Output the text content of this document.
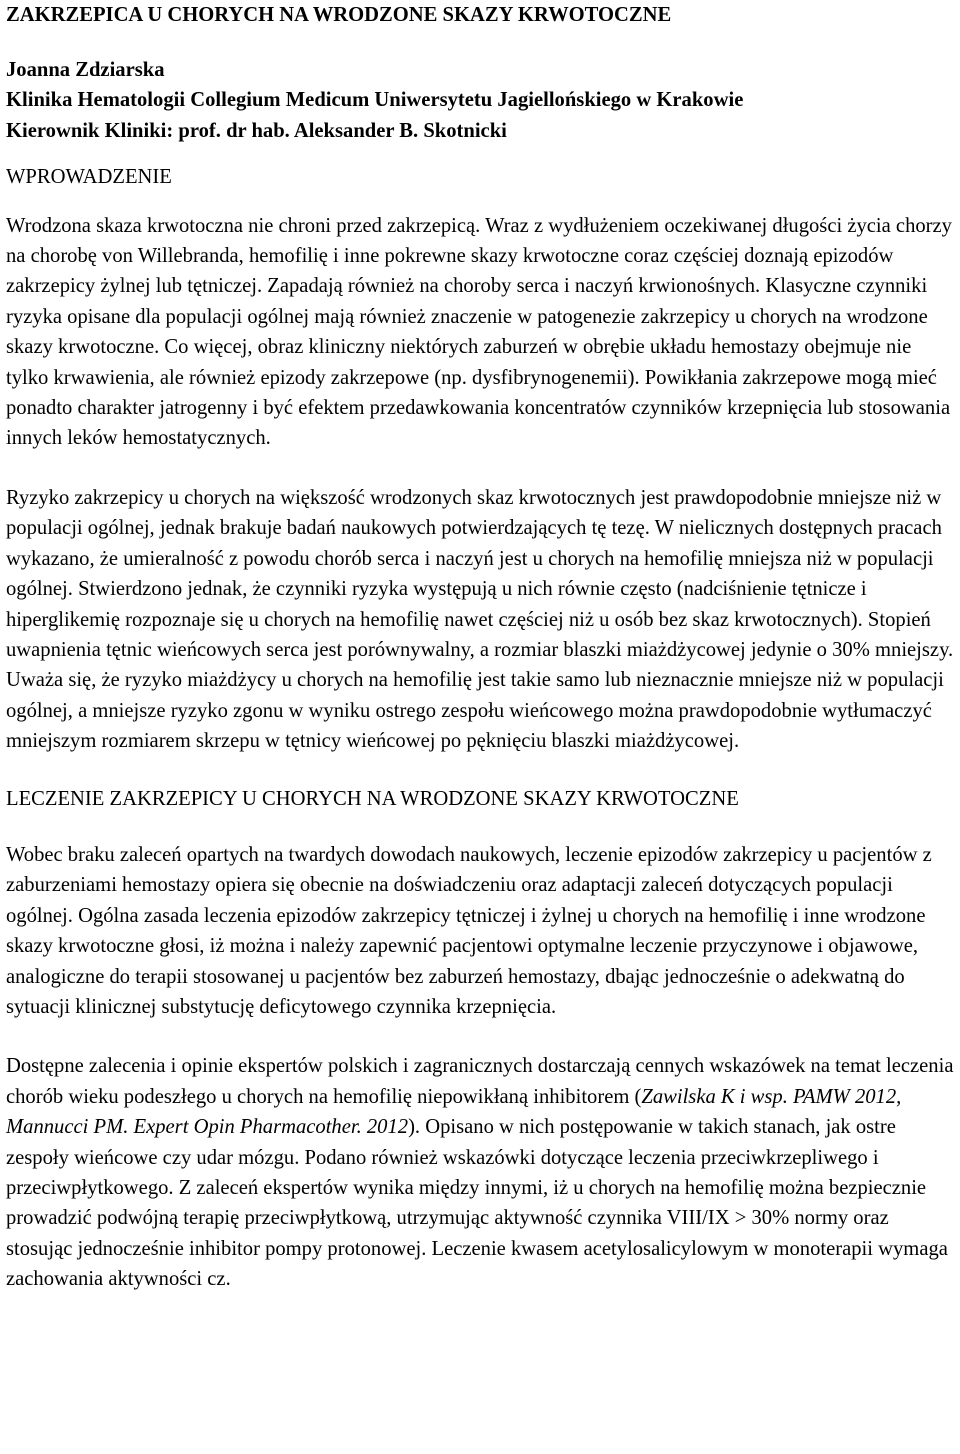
ZAKRZEPICA U CHORYCH NA WRODZONE SKAZY KRWOTOCZNE
Joanna Zdziarska
Klinika Hematologii Collegium Medicum Uniwersytetu Jagiellońskiego w Krakowie
Kierownik Kliniki: prof. dr hab. Aleksander B. Skotnicki
WPROWADZENIE

Wrodzona skaza krwotoczna nie chroni przed zakrzepicą. Wraz z wydłużeniem oczekiwanej długości życia chorzy na chorobę von Willebranda, hemofilię i inne pokrewne skazy krwotoczne coraz częściej doznają epizodów zakrzepicy żylnej lub tętniczej. Zapadają również na choroby serca i naczyń krwionośnych. Klasyczne czynniki ryzyka opisane dla populacji ogólnej mają również znaczenie w patogenezie zakrzepicy u chorych na wrodzone skazy krwotoczne. Co więcej, obraz kliniczny niektórych zaburzeń w obrębie układu hemostazy obejmuje nie tylko krwawienia, ale również epizody zakrzepowe (np. dysfibrynogenemii). Powikłania zakrzepowe mogą mieć ponadto charakter jatrogenny i być efektem przedawkowania koncentratów czynników krzepnięcia lub stosowania innych leków hemostatycznych.

Ryzyko zakrzepicy u chorych na większość wrodzonych skaz krwotocznych jest prawdopodobnie mniejsze niż w populacji ogólnej, jednak brakuje badań naukowych potwierdzających tę tezę. W nielicznych dostępnych pracach wykazano, że umieralność z powodu chorób serca i naczyń jest u chorych na hemofilię mniejsza niż w populacji ogólnej. Stwierdzono jednak, że czynniki ryzyka występują u nich równie często (nadciśnienie tętnicze i hiperglikemię rozpoznaje się u chorych na hemofilię nawet częściej niż u osób bez skaz krwotocznych). Stopień uwapnienia tętnic wieńcowych serca jest porównywalny, a rozmiar blaszki miażdżycowej jedynie o 30% mniejszy. Uważa się, że ryzyko miażdżycy u chorych na hemofilię jest takie samo lub nieznacznie mniejsze niż w populacji ogólnej, a mniejsze ryzyko zgonu w wyniku ostrego zespołu wieńcowego można prawdopodobnie wytłumaczyć mniejszym rozmiarem skrzepu w tętnicy wieńcowej po pęknięciu blaszki miażdżycowej.

LECZENIE ZAKRZEPICY U CHORYCH NA WRODZONE SKAZY KRWOTOCZNE

Wobec braku zaleceń opartych na twardych dowodach naukowych, leczenie epizodów zakrzepicy u pacjentów z zaburzeniami hemostazy opiera się obecnie na doświadczeniu oraz adaptacji zaleceń dotyczących populacji ogólnej. Ogólna zasada leczenia epizodów zakrzepicy tętniczej i żylnej u chorych na hemofilię i inne wrodzone skazy krwotoczne głosi, iż można i należy zapewnić pacjentowi optymalne leczenie przyczynowe i objawowe, analogiczne do terapii stosowanej u pacjentów bez zaburzeń hemostazy, dbając jednocześnie o adekwatną do sytuacji klinicznej substytucję deficytowego czynnika krzepnięcia.

Dostępne zalecenia i opinie ekspertów polskich i zagranicznych dostarczają cennych wskazówek na temat leczenia chorób wieku podeszłego u chorych na hemofilię niepowikłaną inhibitorem (Zawilska K i wsp. PAMW 2012, Mannucci PM. Expert Opin Pharmacother. 2012). Opisano w nich postępowanie w takich stanach, jak ostre zespoły wieńcowe czy udar mózgu. Podano również wskazówki dotyczące leczenia przeciwkrzepliwego i przeciwpłytkowego. Z zaleceń ekspertów wynika między innymi, iż u chorych na hemofilię można bezpiecznie prowadzić podwójną terapię przeciwpłytkową, utrzymując aktywność czynnika VIII/IX > 30% normy oraz stosując jednocześnie inhibitor pompy protonowej. Leczenie kwasem acetylosalicylowym w monoterapii wymaga zachowania aktywności cz.
